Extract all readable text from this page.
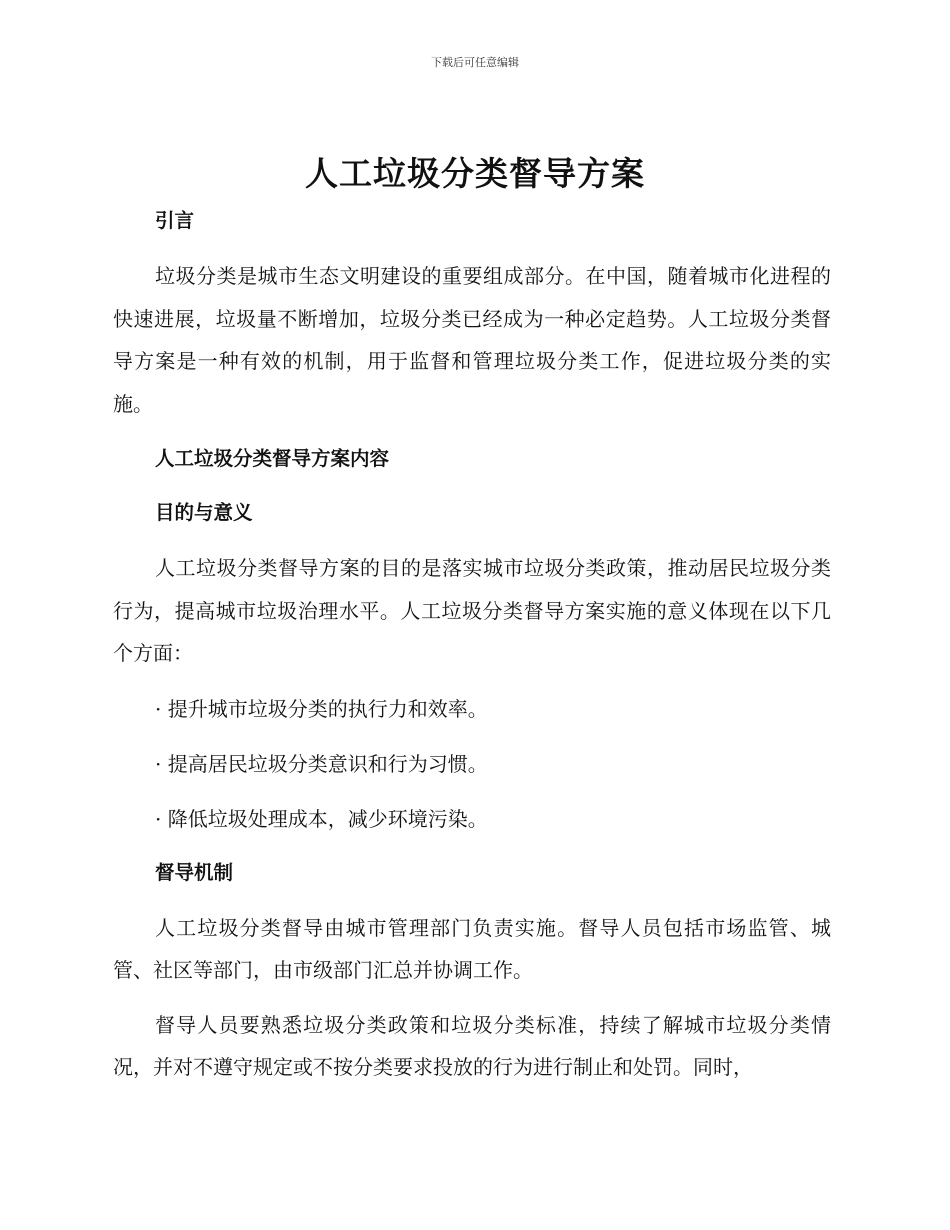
下载后可任意编辑
人工垃圾分类督导方案

引言

垃圾分类是城市生态文明建设的重要组成部分。在中国，随着城市化进程的快速进展，垃圾量不断增加，垃圾分类已经成为一种必定趋势。人工垃圾分类督导方案是一种有效的机制，用于监督和管理垃圾分类工作，促进垃圾分类的实施。

人工垃圾分类督导方案内容

目的与意义

人工垃圾分类督导方案的目的是落实城市垃圾分类政策，推动居民垃圾分类行为，提高城市垃圾治理水平。人工垃圾分类督导方案实施的意义体现在以下几个方面：

· 提升城市垃圾分类的执行力和效率。

· 提高居民垃圾分类意识和行为习惯。

· 降低垃圾处理成本，减少环境污染。

督导机制

人工垃圾分类督导由城市管理部门负责实施。督导人员包括市场监管、城管、社区等部门，由市级部门汇总并协调工作。

督导人员要熟悉垃圾分类政策和垃圾分类标准，持续了解城市垃圾分类情况，并对不遵守规定或不按分类要求投放的行为进行制止和处罚。同时，
